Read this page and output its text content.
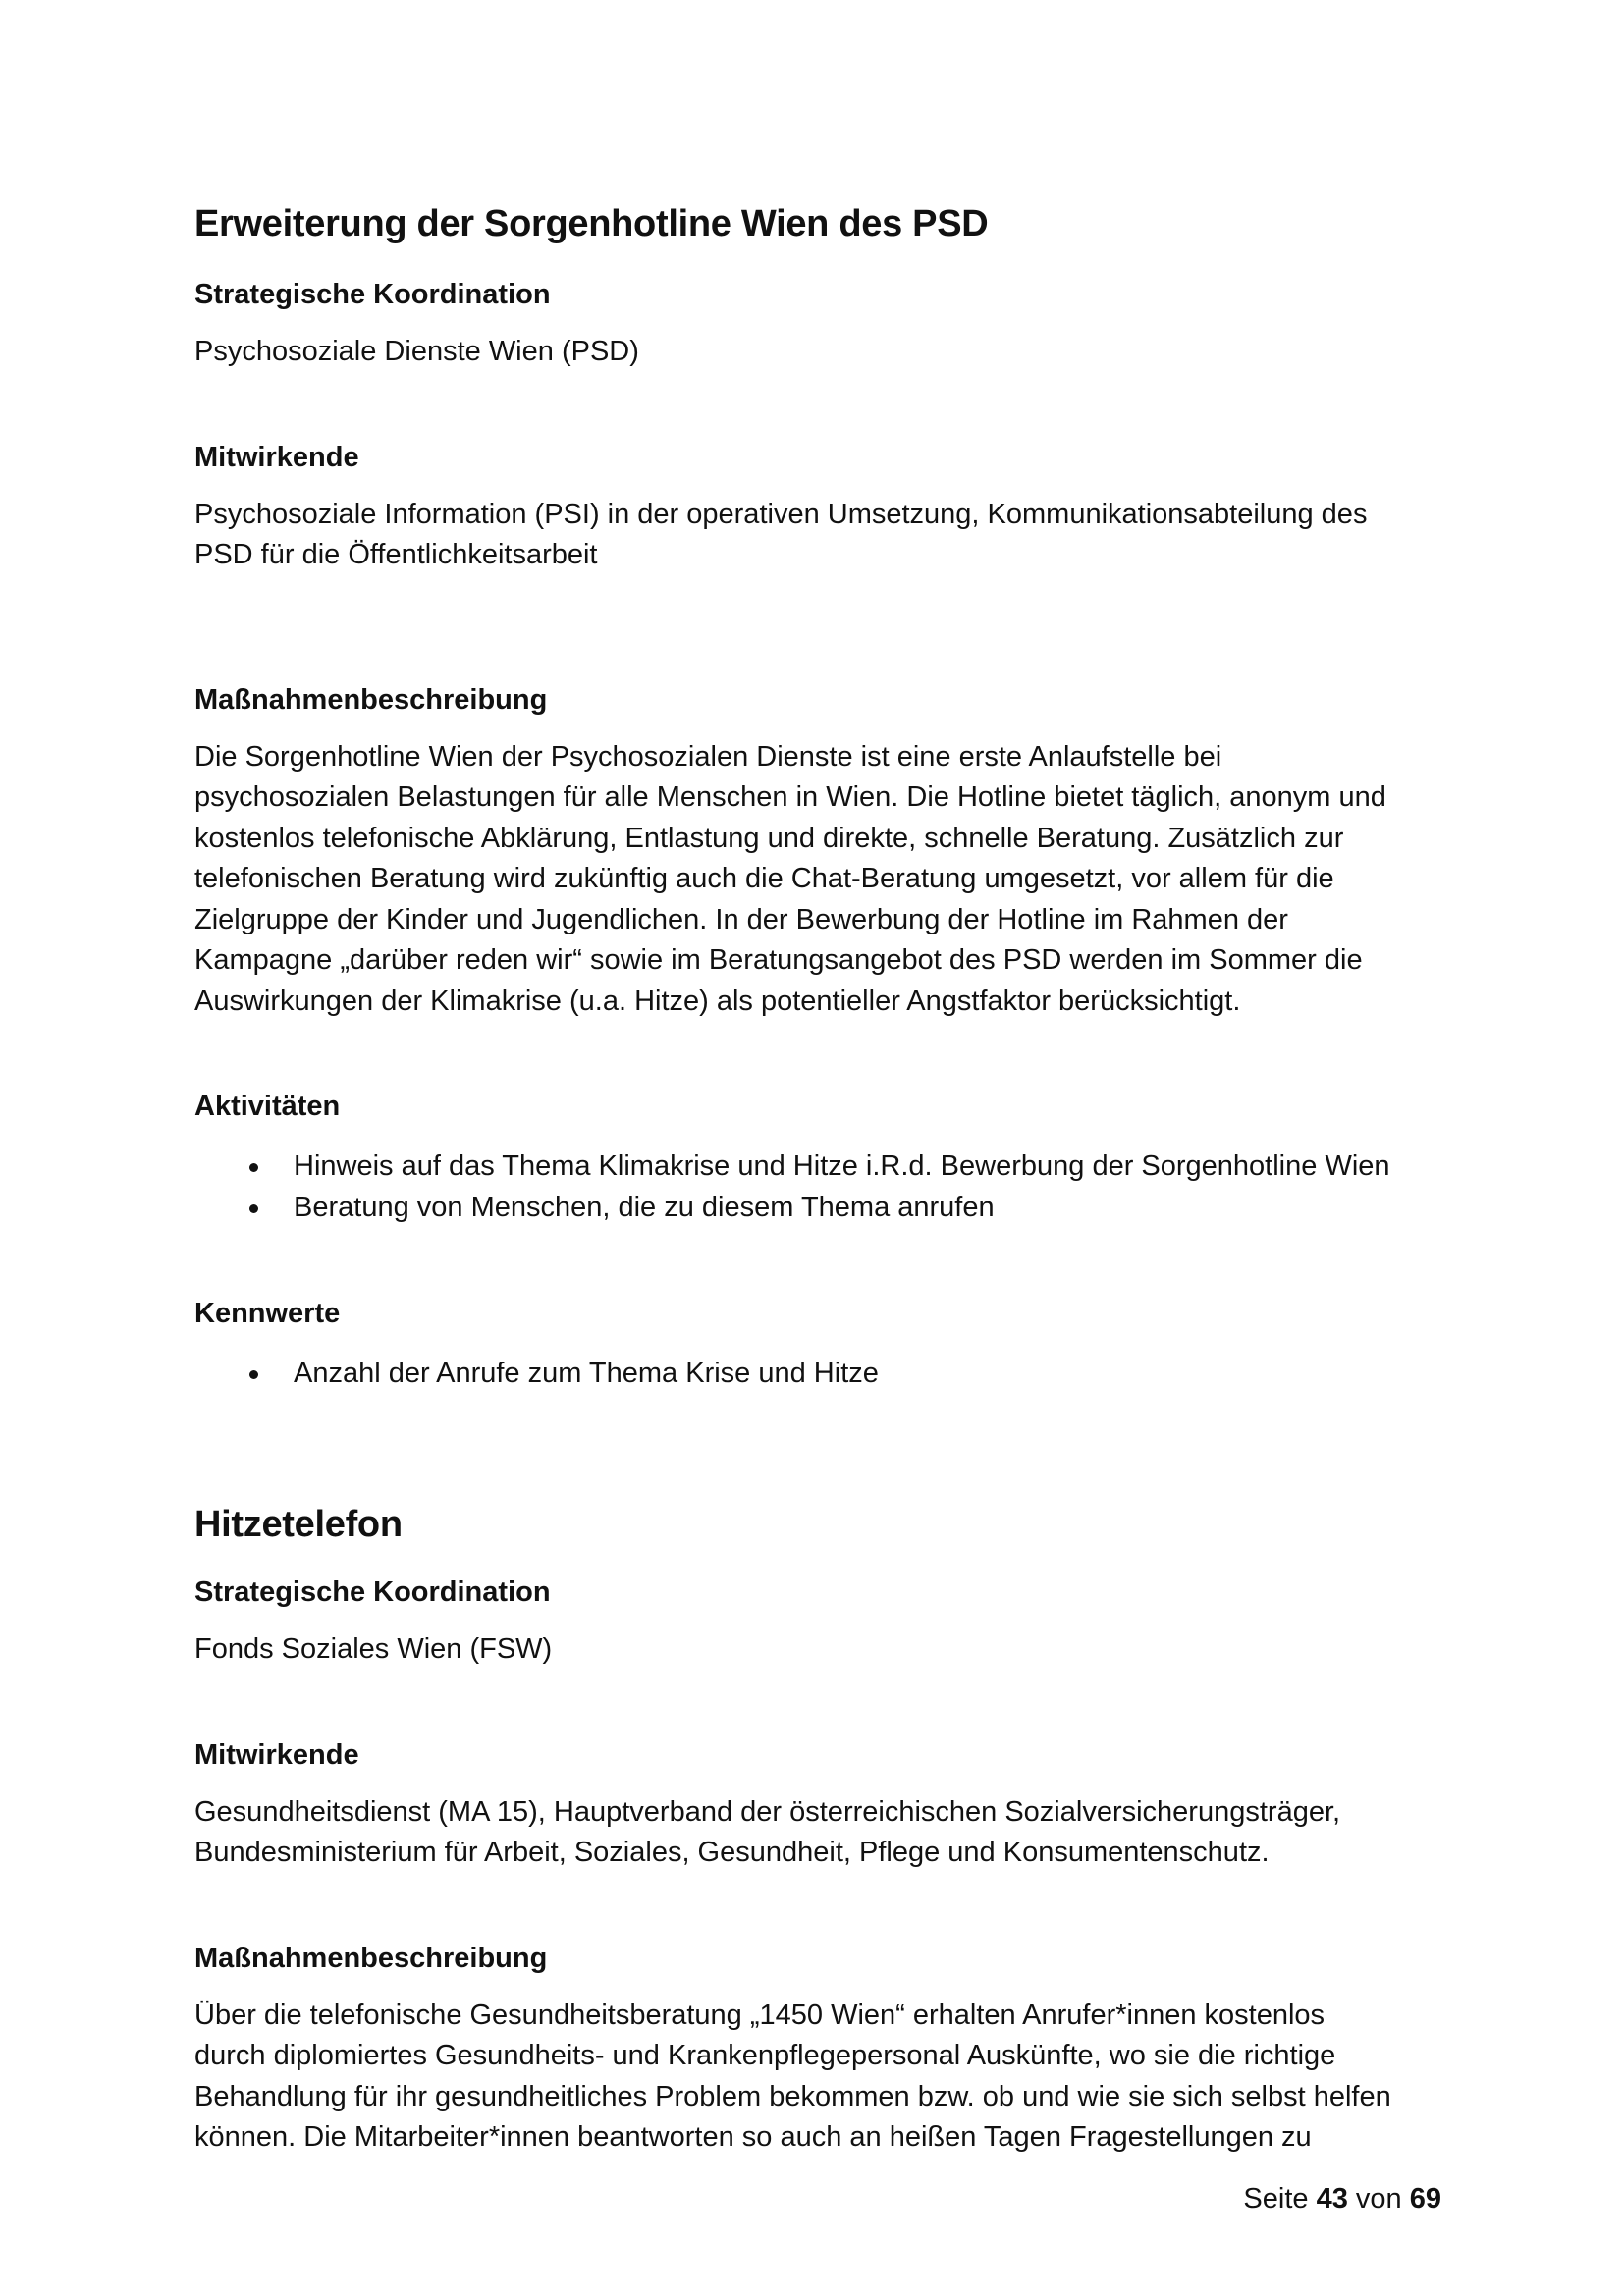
Erweiterung der Sorgenhotline Wien des PSD
Strategische Koordination
Psychosoziale Dienste Wien (PSD)
Mitwirkende
Psychosoziale Information (PSI) in der operativen Umsetzung, Kommunikationsabteilung des
PSD für die Öffentlichkeitsarbeit
Maßnahmenbeschreibung
Die Sorgenhotline Wien der Psychosozialen Dienste ist eine erste Anlaufstelle bei
psychosozialen Belastungen für alle Menschen in Wien. Die Hotline bietet täglich, anonym und
kostenlos telefonische Abklärung, Entlastung und direkte, schnelle Beratung. Zusätzlich zur
telefonischen Beratung wird zukünftig auch die Chat-Beratung umgesetzt, vor allem für die
Zielgruppe der Kinder und Jugendlichen. In der Bewerbung der Hotline im Rahmen der
Kampagne „darüber reden wir“ sowie im Beratungsangebot des PSD werden im Sommer die
Auswirkungen der Klimakrise (u.a. Hitze) als potentieller Angstfaktor berücksichtigt.
Aktivitäten
Hinweis auf das Thema Klimakrise und Hitze i.R.d. Bewerbung der Sorgenhotline Wien
Beratung von Menschen, die zu diesem Thema anrufen
Kennwerte
Anzahl der Anrufe zum Thema Krise und Hitze
Hitzetelefon
Strategische Koordination
Fonds Soziales Wien (FSW)
Mitwirkende
Gesundheitsdienst (MA 15), Hauptverband der österreichischen Sozialversicherungsträger,
Bundesministerium für Arbeit, Soziales, Gesundheit, Pflege und Konsumentenschutz.
Maßnahmenbeschreibung
Über die telefonische Gesundheitsberatung „1450 Wien“ erhalten Anrufer*innen kostenlos
durch diplomiertes Gesundheits- und Krankenpflegepersonal Auskünfte, wo sie die richtige
Behandlung für ihr gesundheitliches Problem bekommen bzw. ob und wie sie sich selbst helfen
können. Die Mitarbeiter*innen beantworten so auch an heißen Tagen Fragestellungen zu
Seite 43 von 69
